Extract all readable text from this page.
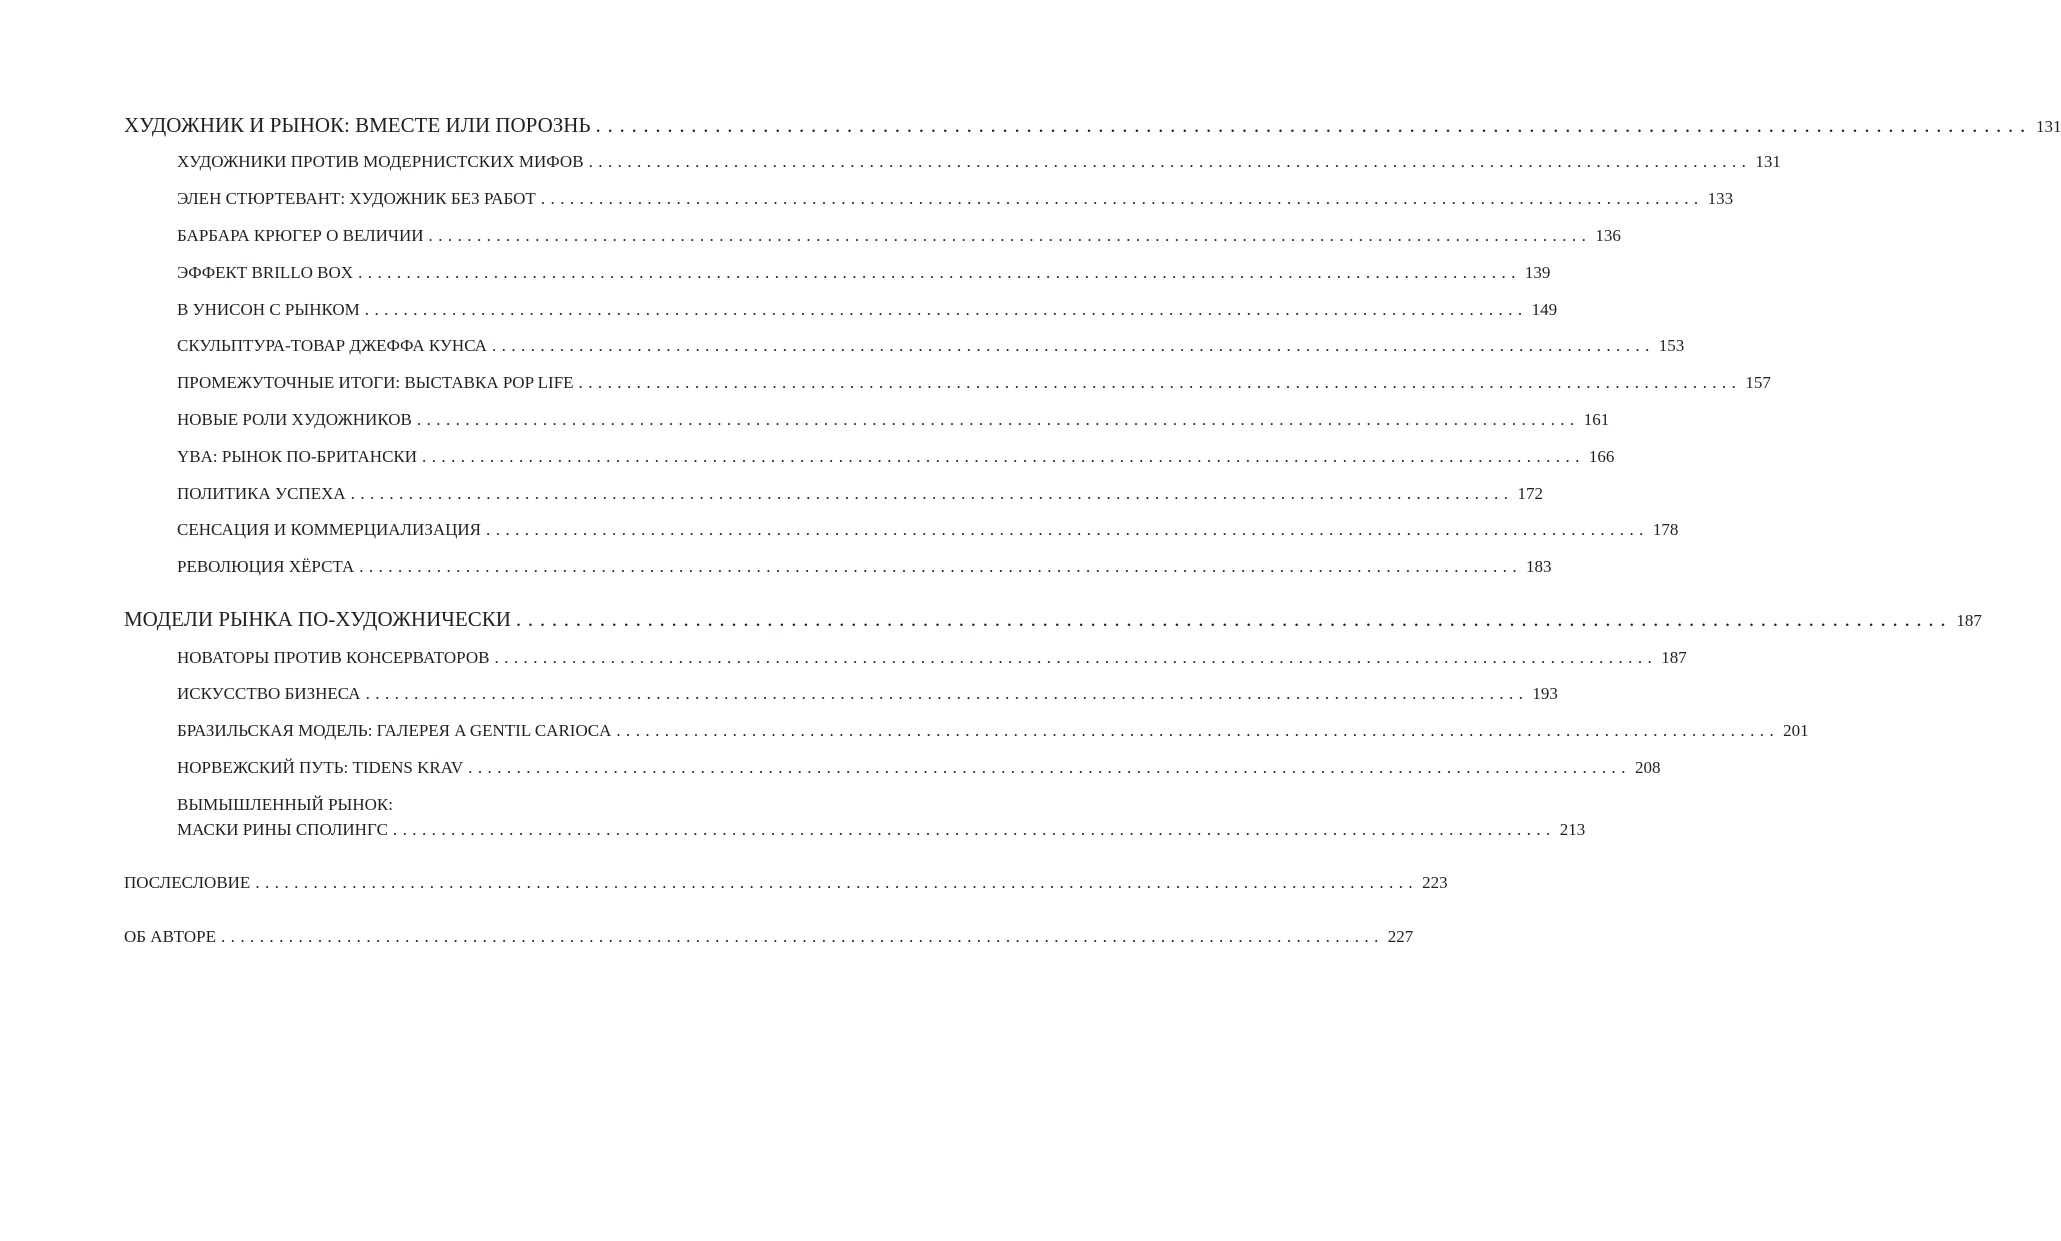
ХУДОЖНИК И РЫНОК: ВМЕСТЕ ИЛИ ПОРОЗНЬ ........................................................................................................................ 131
ХУДОЖНИКИ ПРОТИВ МОДЕРНИСТСКИХ МИФОВ ........................................................................................................................ 131
ЭЛЕН СТЮРТЕВАНТ: ХУДОЖНИК БЕЗ РАБОТ ........................................................................................................................ 133
БАРБАРА КРЮГЕР О ВЕЛИЧИИ ........................................................................................................................ 136
ЭФФЕКТ BRILLO BOX ........................................................................................................................ 139
В УНИСОН С РЫНКОМ ........................................................................................................................ 149
СКУЛЬПТУРА-ТОВАР ДЖЕФФА КУНСА ........................................................................................................................ 153
ПРОМЕЖУТОЧНЫЕ ИТОГИ: ВЫСТАВКА POP LIFE ........................................................................................................................ 157
НОВЫЕ РОЛИ ХУДОЖНИКОВ ........................................................................................................................ 161
YBA: РЫНОК ПО-БРИТАНСКИ ........................................................................................................................ 166
ПОЛИТИКА УСПЕХА ........................................................................................................................ 172
СЕНСАЦИЯ И КОММЕРЦИАЛИЗАЦИЯ ........................................................................................................................ 178
РЕВОЛЮЦИЯ ХЁРСТА ........................................................................................................................ 183
МОДЕЛИ РЫНКА ПО-ХУДОЖНИЧЕСКИ ........................................................................................................................ 187
НОВАТОРЫ ПРОТИВ КОНСЕРВАТОРОВ ........................................................................................................................ 187
ИСКУССТВО БИЗНЕСА ........................................................................................................................ 193
БРАЗИЛЬСКАЯ МОДЕЛЬ: ГАЛЕРЕЯ A GENTIL CARIOCA ........................................................................................................................ 201
НОРВЕЖСКИЙ ПУТЬ: TIDENS KRAV ........................................................................................................................ 208
ВЫМЫШЛЕННЫЙ РЫНОК:
МАСКИ РИНЫ СПОЛИНГС ........................................................................................................................ 213
ПОСЛЕСЛОВИЕ ........................................................................................................................ 223
ОБ АВТОРЕ ........................................................................................................................ 227
